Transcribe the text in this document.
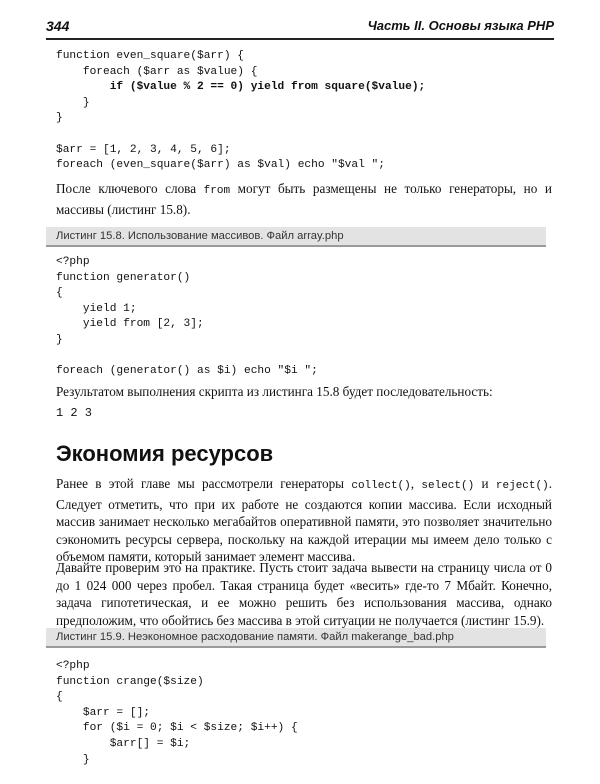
344	Часть II. Основы языка PHP
function even_square($arr) {
foreach ($arr as $value) {
if ($value % 2 == 0) yield from square($value);
}
}
$arr = [1, 2, 3, 4, 5, 6];
foreach (even_square($arr) as $val) echo "$val ";

После ключевого слова from могут быть размещены не только генераторы, но и массивы (листинг 15.8).

Листинг 15.8. Использование массивов. Файл array.php
<?php
function generator()
{
yield 1;
yield from [2, 3];
}
foreach (generator() as $i) echo "$i ";

Результатом выполнения скрипта из листинга 15.8 будет последовательность:

1 2 3
Экономия ресурсов

Ранее в этой главе мы рассмотрели генераторы collect(), select() и reject(). Следует отметить, что при их работе не создаются копии массива. Если исходный массив занимает несколько мегабайтов оперативной памяти, это позволяет значительно сэкономить ресурсы сервера, поскольку на каждой итерации мы имеем дело только с объемом памяти, который занимает элемент массива.

Давайте проверим это на практике. Пусть стоит задача вывести на страницу числа от 0 до 1 024 000 через пробел. Такая страница будет «весить» где-то 7 Мбайт. Конечно, задача гипотетическая, и ее можно решить без использования массива, однако предположим, что обойтись без массива в этой ситуации не получается (листинг 15.9).

Листинг 15.9. Неэкономное расходование памяти. Файл makerange_bad.php
<?php
function crange($size)
{
$arr = [];
for ($i = 0; $i < $size; $i++) {
$arr[] = $i;
}
